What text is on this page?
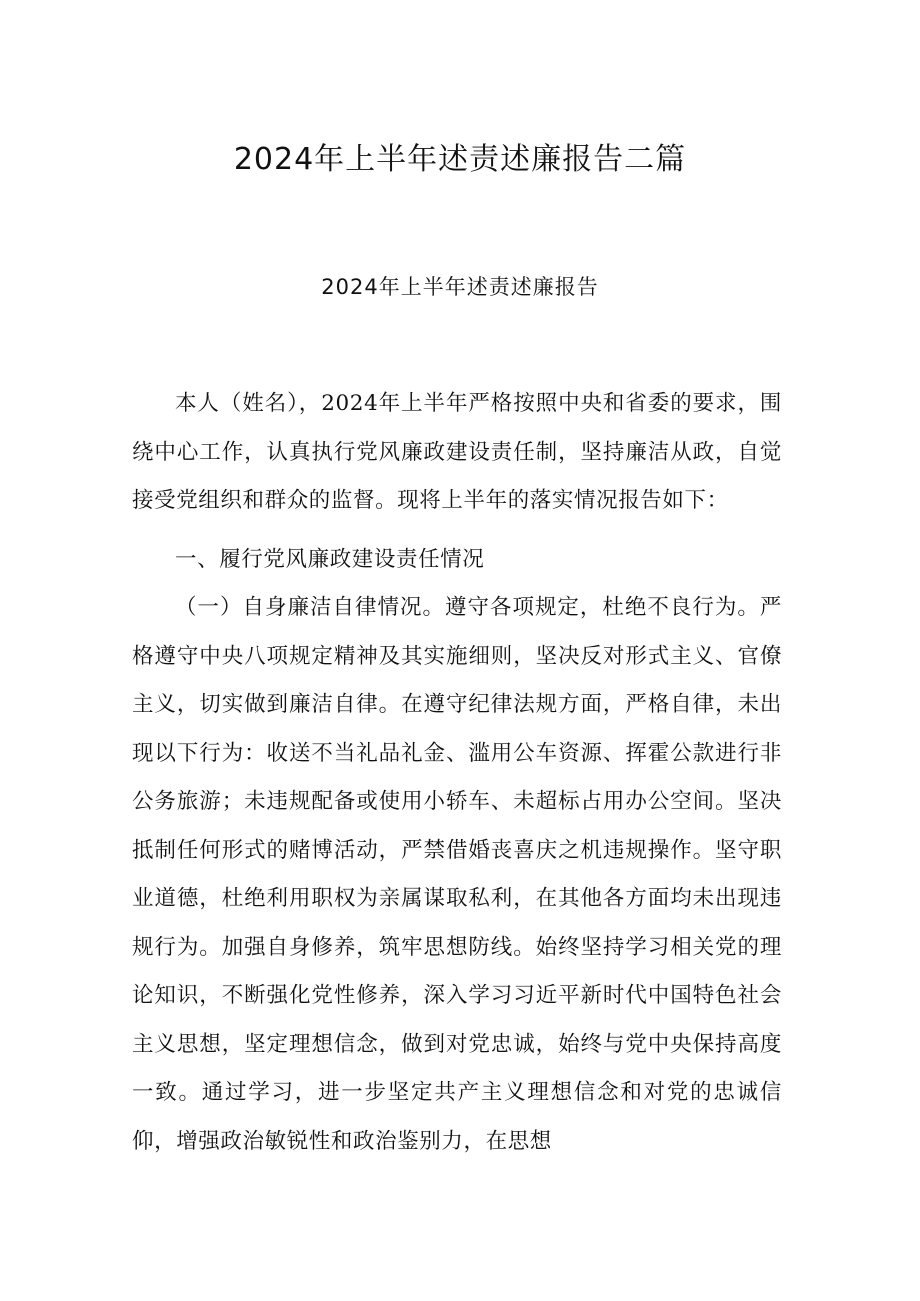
2024年上半年述责述廉报告二篇
2024年上半年述责述廉报告

本人（姓名），2024年上半年严格按照中央和省委的要求，围绕中心工作，认真执行党风廉政建设责任制，坚持廉洁从政，自觉接受党组织和群众的监督。现将上半年的落实情况报告如下：

一、履行党风廉政建设责任情况

（一）自身廉洁自律情况。遵守各项规定，杜绝不良行为。严格遵守中央八项规定精神及其实施细则，坚决反对形式主义、官僚主义，切实做到廉洁自律。在遵守纪律法规方面，严格自律，未出现以下行为：收送不当礼品礼金、滥用公车资源、挥霍公款进行非公务旅游；未违规配备或使用小轿车、未超标占用办公空间。坚决抵制任何形式的赌博活动，严禁借婚丧喜庆之机违规操作。坚守职业道德，杜绝利用职权为亲属谋取私利，在其他各方面均未出现违规行为。加强自身修养，筑牢思想防线。始终坚持学习相关党的理论知识，不断强化党性修养，深入学习习近平新时代中国特色社会主义思想，坚定理想信念，做到对党忠诚，始终与党中央保持高度一致。通过学习，进一步坚定共产主义理想信念和对党的忠诚信仰，增强政治敏锐性和政治鉴别力，在思想
